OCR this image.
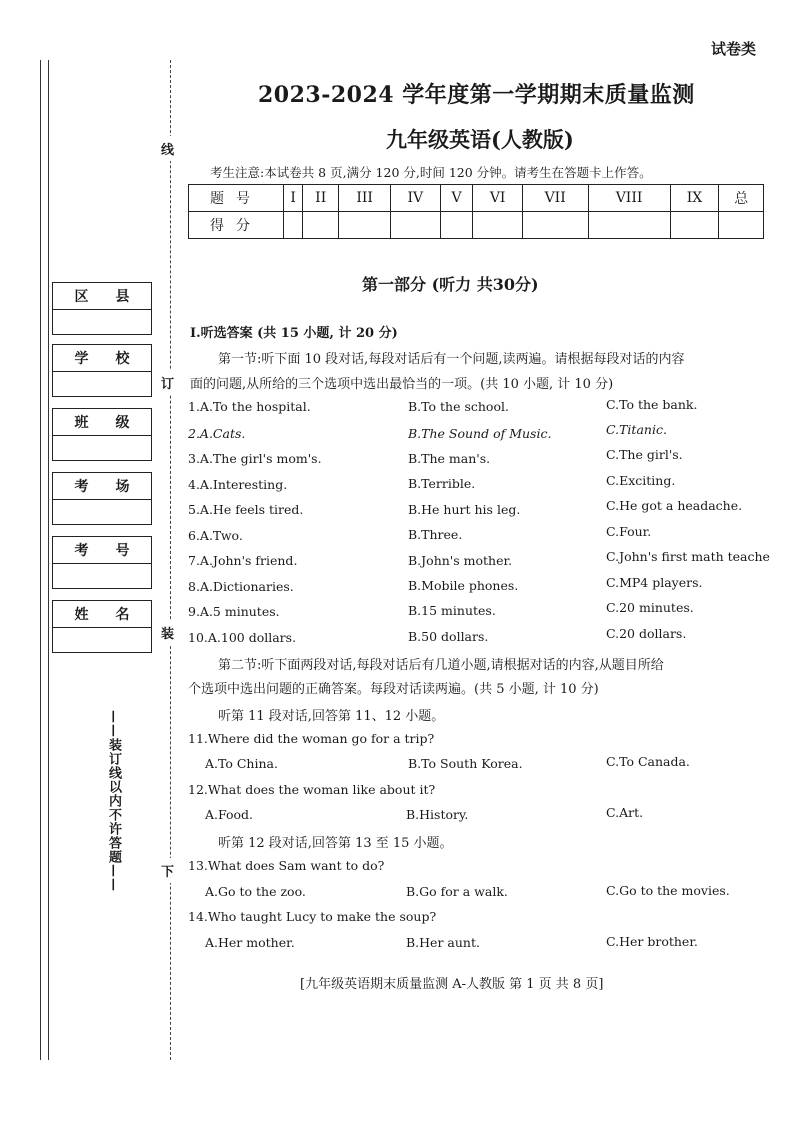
区 县
学 校
班 级
考 场
考 号
姓 名
线
订
装
下
——装订线以内不许答题——
试卷类
2023-2024 学年度第一学期期末质量监测
九年级英语(人教版)
考生注意:本试卷共 8 页,满分 120 分,时间 120 分钟。请考生在答题卡上作答。
题号	I	II	III	IV	V	VI	VII	VIII	IX	总
得分										
第一部分 (听力 共30分)
I.听选答案 (共 15 小题, 计 20 分)
第一节:听下面 10 段对话,每段对话后有一个问题,读两遍。请根据每段对话的内容
面的问题,从所给的三个选项中选出最恰当的一项。(共 10 小题, 计 10 分)
1.A.To the hospital.	B.To the school.	C.To the bank.
2.A.Cats.	B.The Sound of Music.	C.Titanic.
3.A.The girl's mom's.	B.The man's.	C.The girl's.
4.A.Interesting.	B.Terrible.	C.Exciting.
5.A.He feels tired.	B.He hurt his leg.	C.He got a headache.
6.A.Two.	B.Three.	C.Four.
7.A.John's friend.	B.John's mother.	C.John's first math teache
8.A.Dictionaries.	B.Mobile phones.	C.MP4 players.
9.A.5 minutes.	B.15 minutes.	C.20 minutes.
10.A.100 dollars.	B.50 dollars.	C.20 dollars.
第二节:听下面两段对话,每段对话后有几道小题,请根据对话的内容,从题目所给
个选项中选出问题的正确答案。每段对话读两遍。(共 5 小题, 计 10 分)
听第 11 段对话,回答第 11、12 小题。
11.Where did the woman go for a trip?
A.To China.	B.To South Korea.	C.To Canada.
12.What does the woman like about it?
A.Food.	B.History.	C.Art.
听第 12 段对话,回答第 13 至 15 小题。
13.What does Sam want to do?
A.Go to the zoo.	B.Go for a walk.	C.Go to the movies.
14.Who taught Lucy to make the soup?
A.Her mother.	B.Her aunt.	C.Her brother.
[九年级英语期末质量监测 A-人教版 第 1 页 共 8 页]
